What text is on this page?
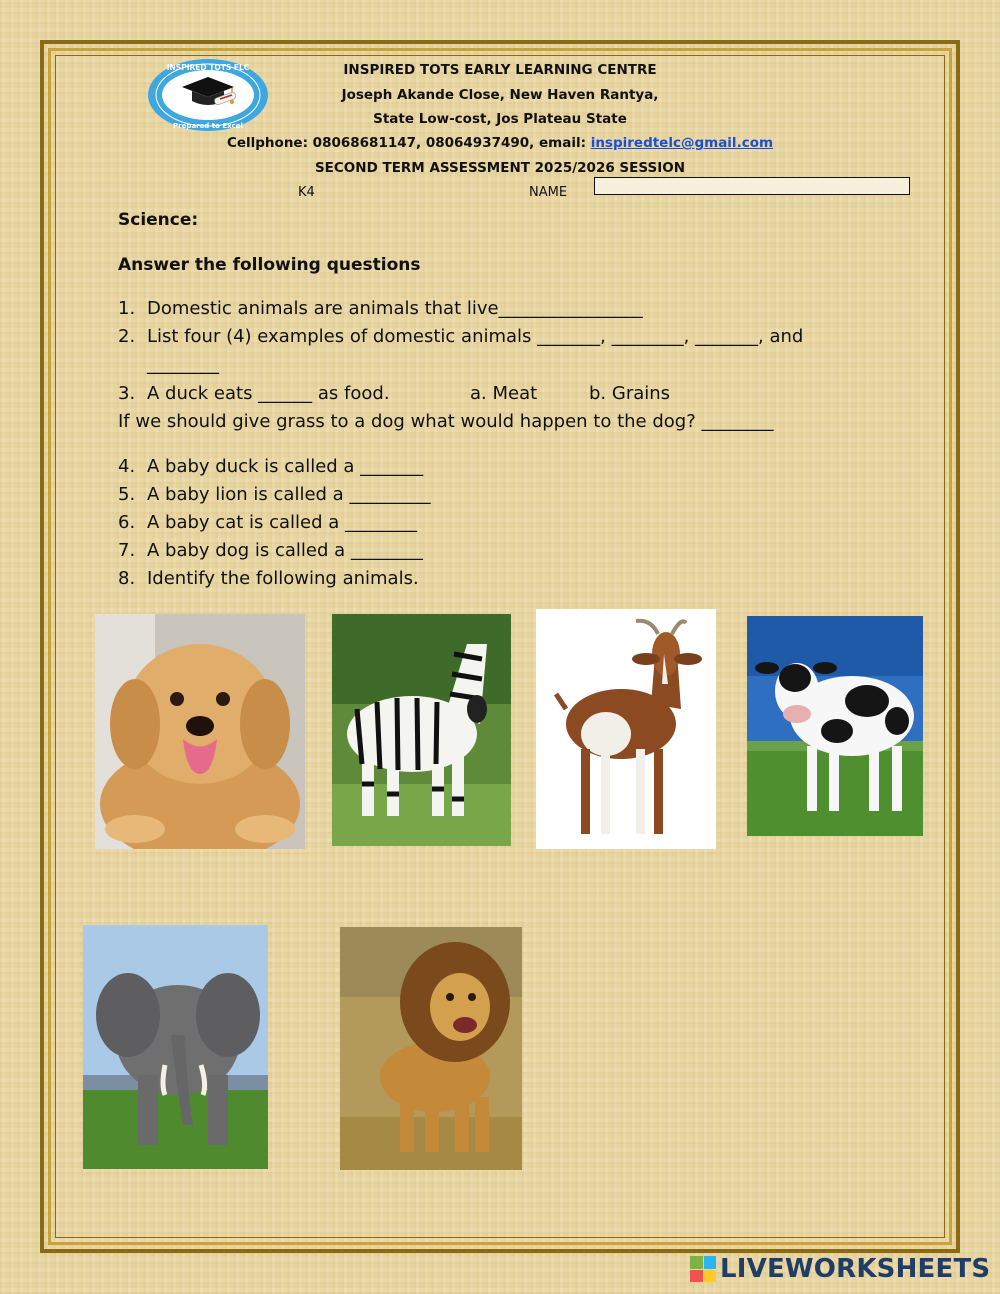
INSPIRED TOTS ELC
Prepared to Excel
INSPIRED TOTS EARLY LEARNING CENTRE
Joseph Akande Close, New Haven Rantya,
State Low-cost, Jos Plateau State
Cellphone: 08068681147, 08064937490, email: inspiredtelc@gmail.com
SECOND TERM ASSESSMENT 2025/2026 SESSION
K4	NAME
Science:
Answer the following questions
1. Domestic animals are animals that live________________
2. List four (4) examples of domestic animals _______, ________, _______, and
________
3. A duck eats ______ as food.	a. Meat	b. Grains
If we should give grass to a dog what would happen to the dog? ________
4. A baby duck is called a _______
5. A baby lion is called a _________
6. A baby cat is called a ________
7. A baby dog is called a ________
8. Identify the following animals.
LIVEWORKSHEETS
